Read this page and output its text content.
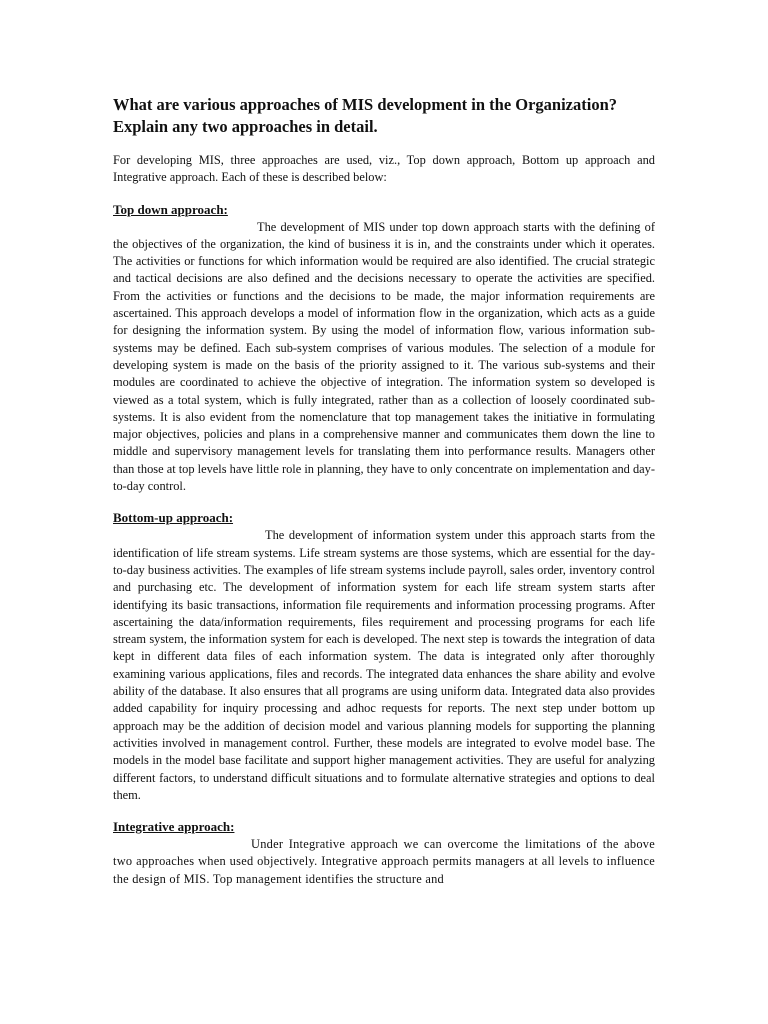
What are various approaches of MIS development in the Organization? Explain any two approaches in detail.

For developing MIS, three approaches are used, viz., Top down approach, Bottom up approach and Integrative approach. Each of these is described below:

Top down approach:

The development of MIS under top down approach starts with the defining of the objectives of the organization, the kind of business it is in, and the constraints under which it operates. The activities or functions for which information would be required are also identified. The crucial strategic and tactical decisions are also defined and the decisions necessary to operate the activities are specified. From the activities or functions and the decisions to be made, the major information requirements are ascertained. This approach develops a model of information flow in the organization, which acts as a guide for designing the information system. By using the model of information flow, various information sub-systems may be defined. Each sub-system comprises of various modules. The selection of a module for developing system is made on the basis of the priority assigned to it. The various sub-systems and their modules are coordinated to achieve the objective of integration. The information system so developed is viewed as a total system, which is fully integrated, rather than as a collection of loosely coordinated sub-systems. It is also evident from the nomenclature that top management takes the initiative in formulating major objectives, policies and plans in a comprehensive manner and communicates them down the line to middle and supervisory management levels for translating them into performance results. Managers other than those at top levels have little role in planning, they have to only concentrate on implementation and day-to-day control.

Bottom-up approach:

The development of information system under this approach starts from the identification of life stream systems. Life stream systems are those systems, which are essential for the day-to-day business activities. The examples of life stream systems include payroll, sales order, inventory control and purchasing etc. The development of information system for each life stream system starts after identifying its basic transactions, information file requirements and information processing programs. After ascertaining the data/information requirements, files requirement and processing programs for each life stream system, the information system for each is developed. The next step is towards the integration of data kept in different data files of each information system. The data is integrated only after thoroughly examining various applications, files and records. The integrated data enhances the share ability and evolve ability of the database. It also ensures that all programs are using uniform data. Integrated data also provides added capability for inquiry processing and adhoc requests for reports. The next step under bottom up approach may be the addition of decision model and various planning models for supporting the planning activities involved in management control. Further, these models are integrated to evolve model base. The models in the model base facilitate and support higher management activities. They are useful for analyzing different factors, to understand difficult situations and to formulate alternative strategies and options to deal them.

Integrative approach:

Under Integrative approach we can overcome the limitations of the above two approaches when used objectively. Integrative approach permits managers at all levels to influence the design of MIS. Top management identifies the structure and
